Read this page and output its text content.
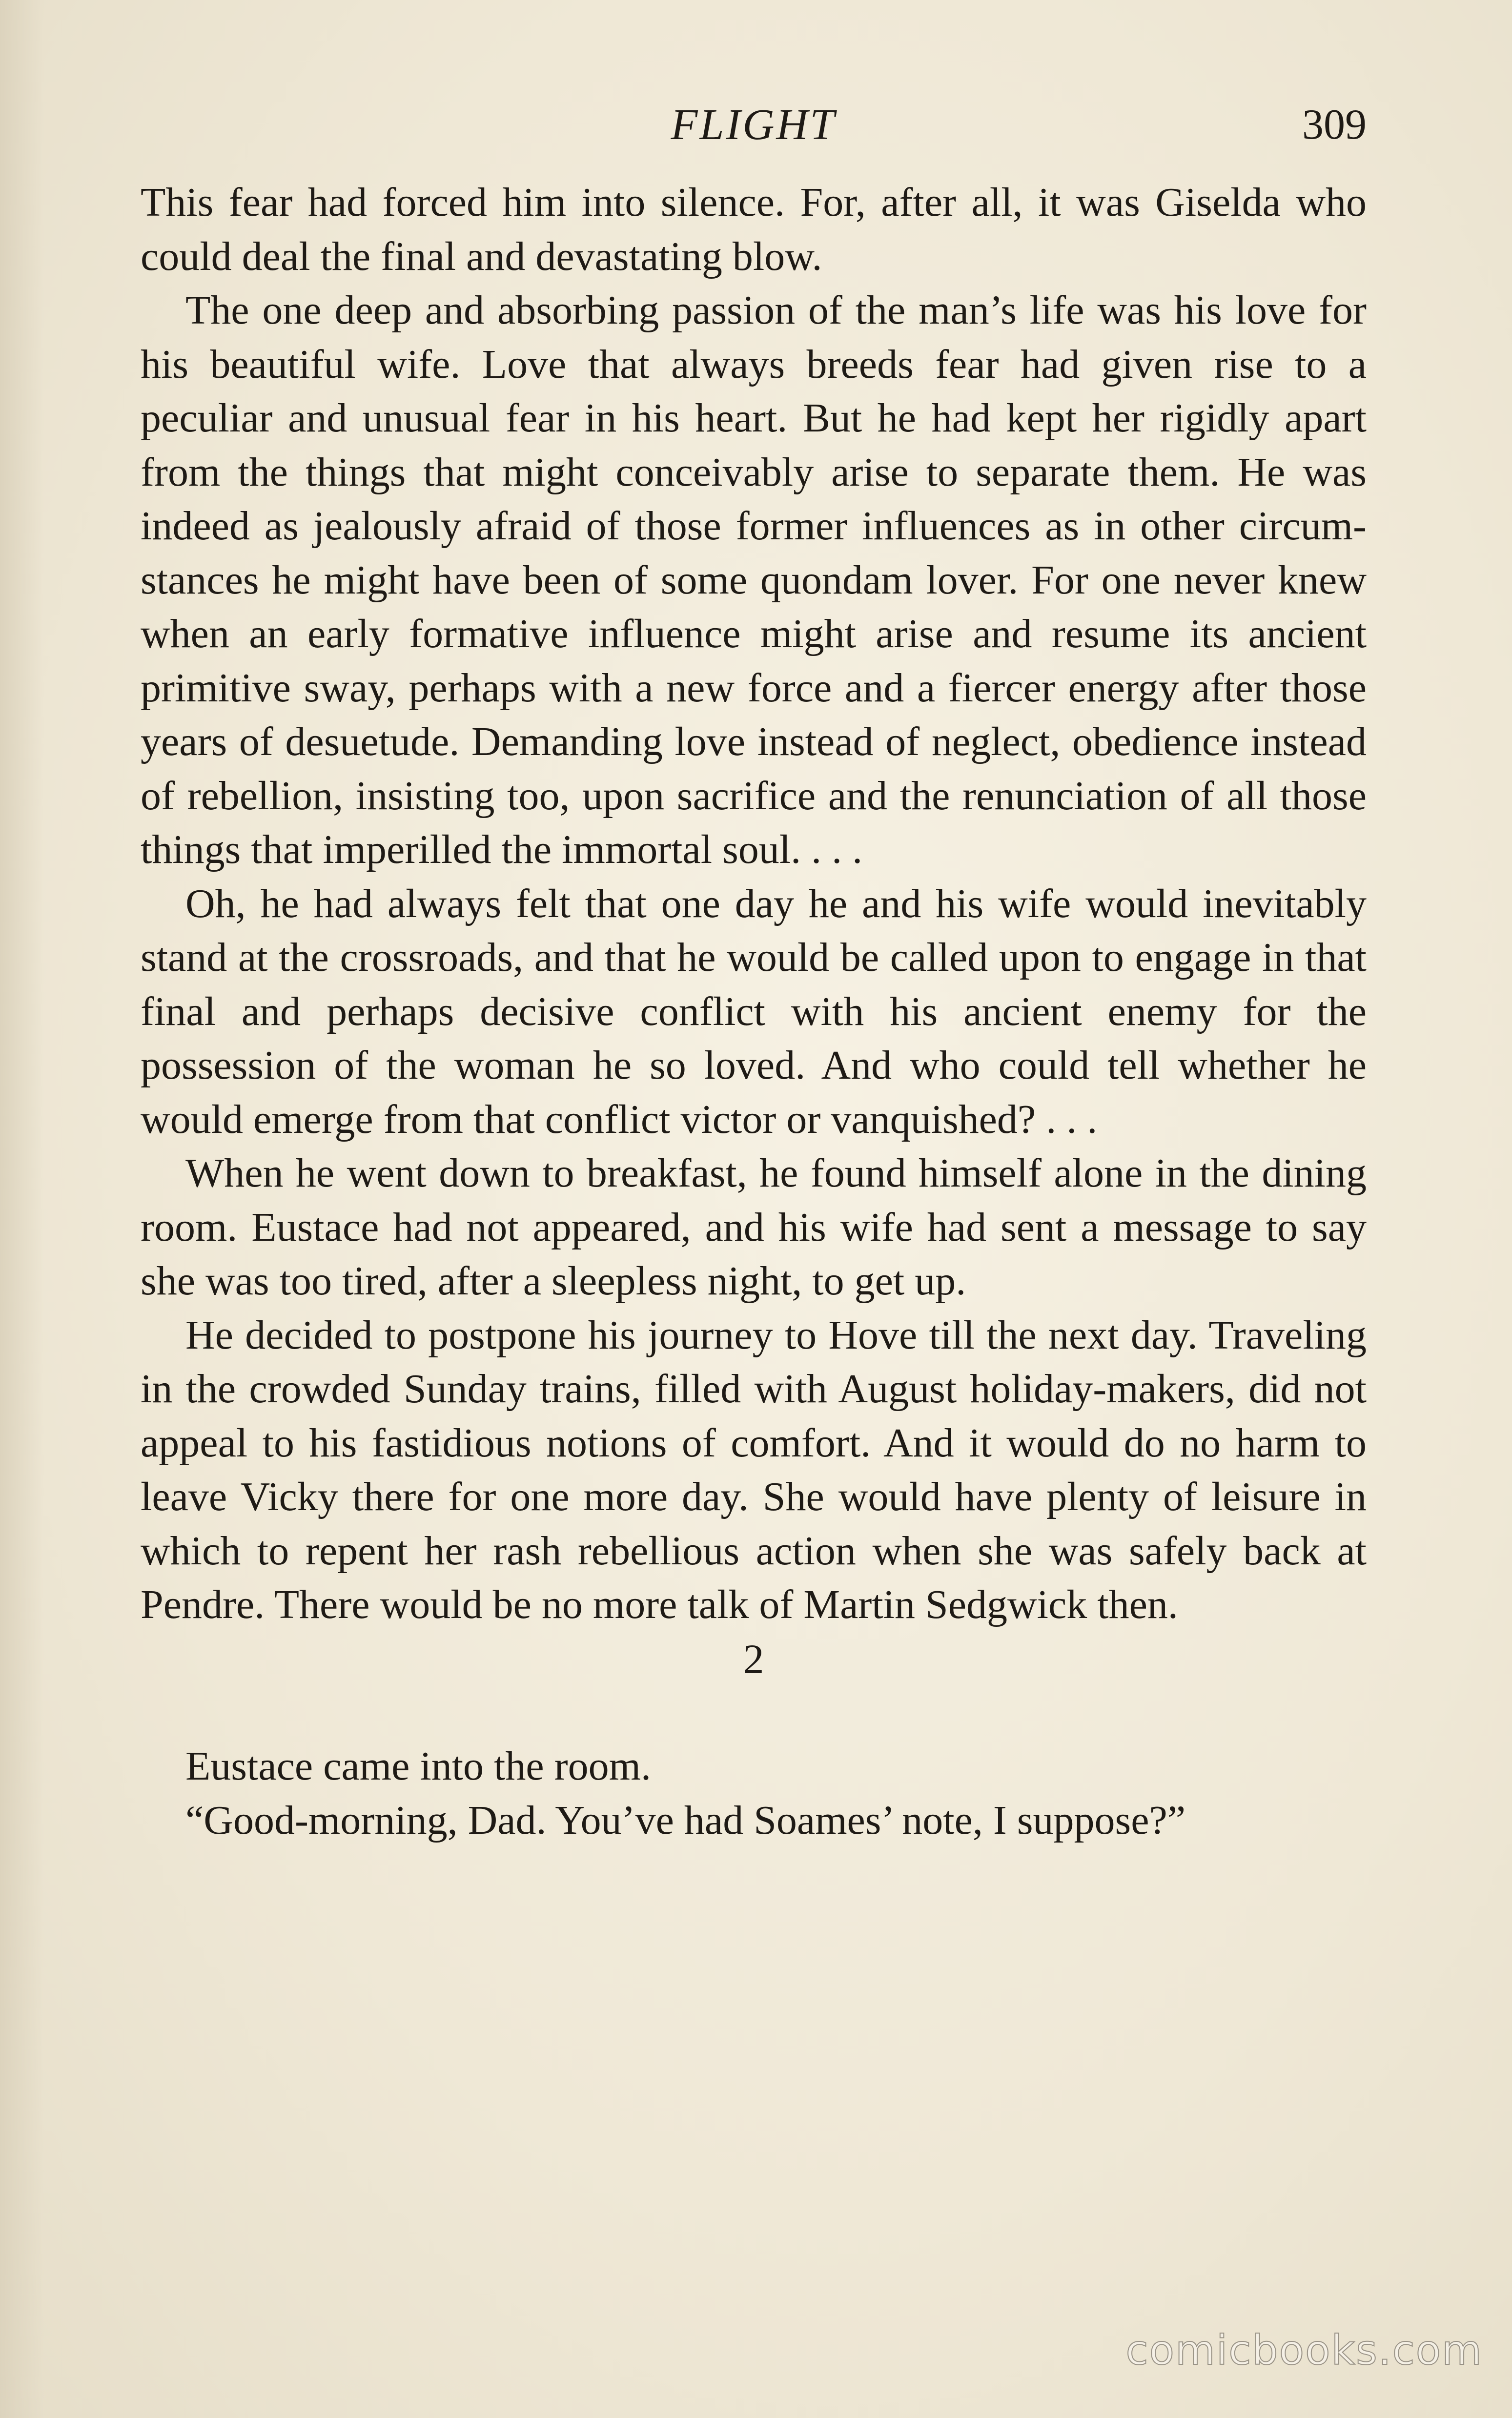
FLIGHT	309

This fear had forced him into silence. For, after all, it was Giselda who could deal the final and devastating blow.

The one deep and absorbing passion of the man’s life was his love for his beautiful wife. Love that always breeds fear had given rise to a peculiar and unusual fear in his heart. But he had kept her rigidly apart from the things that might conceivably arise to separate them. He was indeed as jealously afraid of those former influences as in other circumstances he might have been of some quondam lover. For one never knew when an early formative influence might arise and resume its ancient primitive sway, perhaps with a new force and a fiercer energy after those years of desuetude. Demanding love instead of neglect, obedience instead of rebellion, insisting too, upon sacrifice and the renunciation of all those things that imperilled the immortal soul. . . .

Oh, he had always felt that one day he and his wife would inevitably stand at the crossroads, and that he would be called upon to engage in that final and perhaps decisive conflict with his ancient enemy for the possession of the woman he so loved. And who could tell whether he would emerge from that conflict victor or vanquished? . . .

When he went down to breakfast, he found himself alone in the dining room. Eustace had not appeared, and his wife had sent a message to say she was too tired, after a sleepless night, to get up.

He decided to postpone his journey to Hove till the next day. Traveling in the crowded Sunday trains, filled with August holiday-makers, did not appeal to his fastidious notions of comfort. And it would do no harm to leave Vicky there for one more day. She would have plenty of leisure in which to repent her rash rebellious action when she was safely back at Pendre. There would be no more talk of Martin Sedgwick then.

2

Eustace came into the room.

“Good-morning, Dad. You’ve had Soames’ note, I suppose?”

comicbooks.com
